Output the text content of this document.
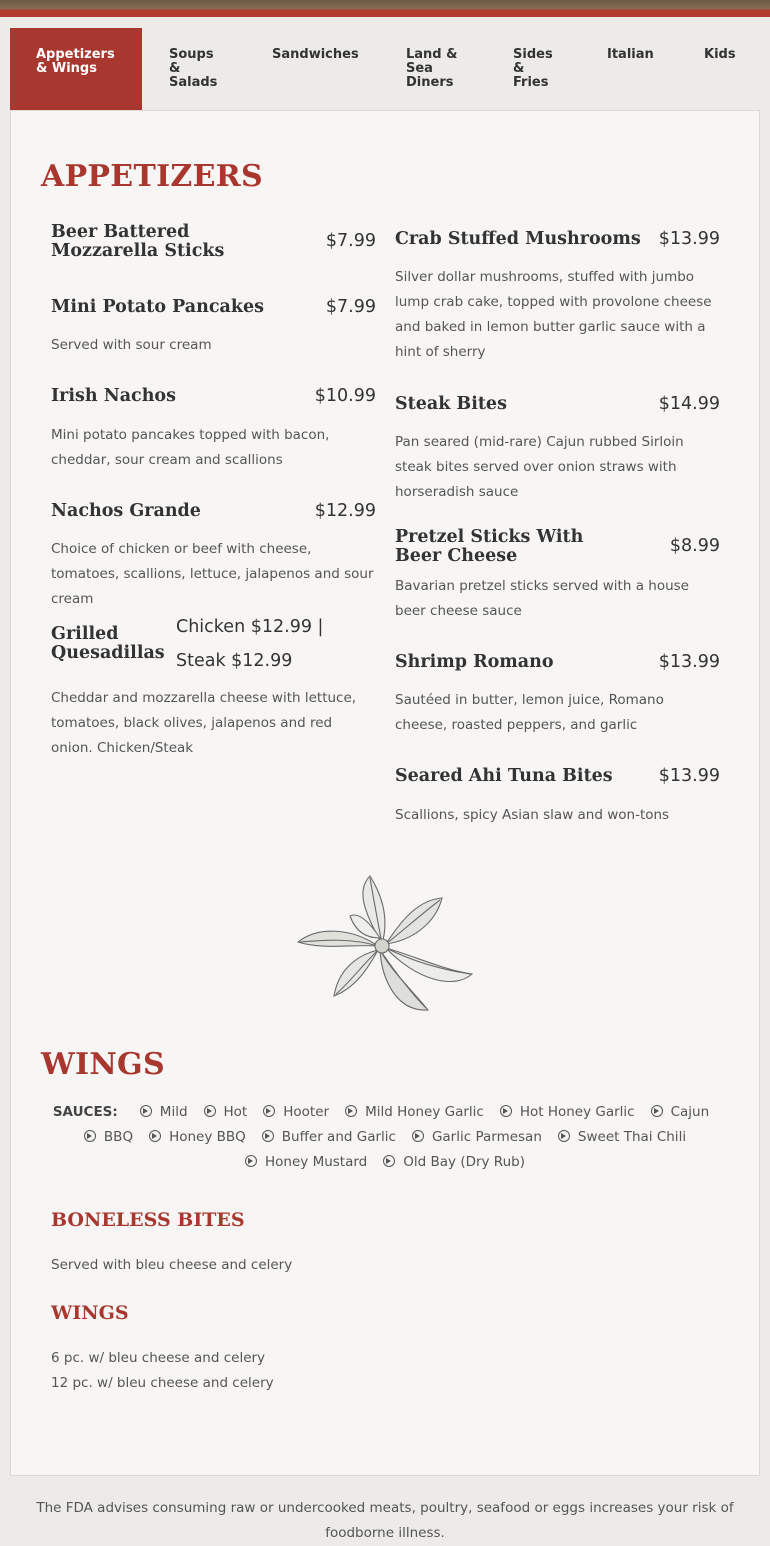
Appetizers
& Wings
Soups
&
Salads
Sandwiches	Land &
Sea
Diners
Sides
&
Fries
Italian	Kids
APPETIZERS
Beer Battered Mozzarella Sticks	$7.99
Mini Potato Pancakes	$7.99
Served with sour cream
Irish Nachos	$10.99
Mini potato pancakes topped with bacon, cheddar, sour cream and scallions
Nachos Grande	$12.99
Choice of chicken or beef with cheese, tomatoes, scallions, lettuce, jalapenos and sour cream
Grilled Quesadillas
Chicken $12.99 | Steak $12.99
Cheddar and mozzarella cheese with lettuce, tomatoes, black olives, jalapenos and red onion. Chicken/Steak
Crab Stuffed Mushrooms	$13.99
Silver dollar mushrooms, stuffed with jumbo lump crab cake, topped with provolone cheese and baked in lemon butter garlic sauce with a hint of sherry
Steak Bites	$14.99
Pan seared (mid-rare) Cajun rubbed Sirloin steak bites served over onion straws with horseradish sauce
Pretzel Sticks With Beer Cheese	$8.99
Bavarian pretzel sticks served with a house beer cheese sauce
Shrimp Romano	$13.99
Sautéed in butter, lemon juice, Romano cheese, roasted peppers, and garlic
Seared Ahi Tuna Bites	$13.99
Scallions, spicy Asian slaw and won-tons
WINGS
BONELESS BITES
Served with bleu cheese and celery
WINGS
6 pc. w/ bleu cheese and celery
12 pc. w/ bleu cheese and celery
SAUCES:	Mild	Hot	Hooter	Mild Honey Garlic	Hot Honey Garlic	CajunBBQ	Honey BBQ	Buffer and Garlic	Garlic Parmesan	Sweet Thai ChiliHoney Mustard	Old Bay (Dry Rub)

The FDA advises consuming raw or undercooked meats, poultry, seafood or eggs increases your risk of foodborne illness.
